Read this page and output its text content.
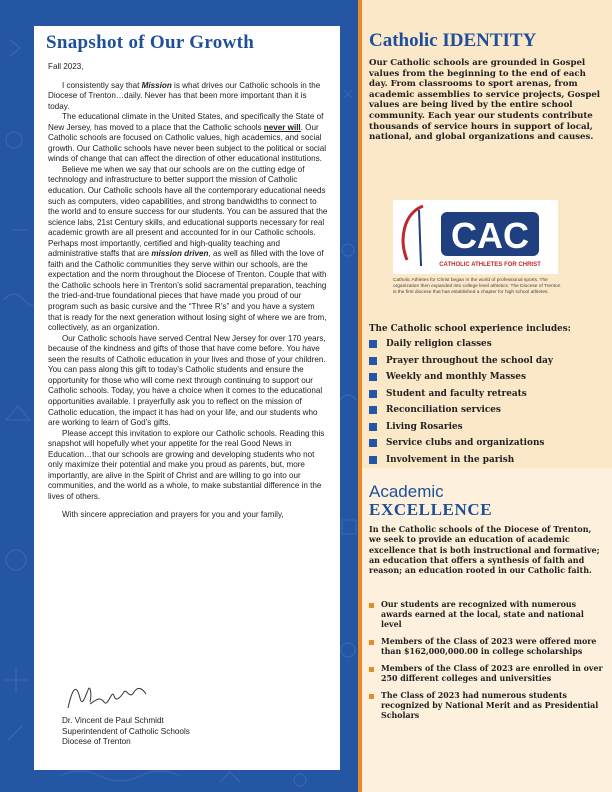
Snapshot of Our Growth

Fall 2023,

I consistently say that Mission is what drives our Catholic schools in the Diocese of Trenton…daily. Never has that been more important than it is today.

The educational climate in the United States, and specifically the State of New Jersey, has moved to a place that the Catholic schools never will. Our Catholic schools are focused on Catholic values, high academics, and social growth. Our Catholic schools have never been subject to the political or social winds of change that can affect the direction of other educational institutions.

Believe me when we say that our schools are on the cutting edge of technology and infrastructure to better support the mission of Catholic education. Our Catholic schools have all the contemporary educational needs such as computers, video capabilities, and strong bandwidths to connect to the world and to ensure success for our students. You can be assured that the science labs, 21st Century skills, and educational supports necessary for real academic growth are all present and accounted for in our Catholic schools. Perhaps most importantly, certified and high-quality teaching and administrative staffs that are mission driven, as well as filled with the love of faith and the Catholic communities they serve within our schools, are the expectation and the norm throughout the Diocese of Trenton. Couple that with the Catholic schools here in Trenton’s solid sacramental preparation, teaching the tried-and-true foundational pieces that have made you proud of our program such as basic cursive and the “Three R’s” and you have a system that is ready for the next generation without losing sight of where we are from, collectively, as an organization.

Our Catholic schools have served Central New Jersey for over 170 years, because of the kindness and gifts of those that have come before. You have seen the results of Catholic education in your lives and those of your children. You can pass along this gift to today’s Catholic students and ensure the opportunity for those who will come next through continuing to support our Catholic schools. Today, you have a choice when it comes to the educational opportunities available. I prayerfully ask you to reflect on the mission of Catholic education, the impact it has had on your life, and our students who are working to learn of God’s gifts.

Please accept this invitation to explore our Catholic schools. Reading this snapshot will hopefully whet your appetite for the real Good News in Education…that our schools are growing and developing students who not only maximize their potential and make you proud as parents, but, more importantly, are alive in the Spirit of Christ and are willing to go into our communities, and the world as a whole, to make substantial difference in the lives of others.

With sincere appreciation and prayers for you and your family,

Dr. Vincent de Paul Schmidt
Superintendent of Catholic Schools
Diocese of Trenton
Catholic IDENTITY
Our Catholic schools are grounded in Gospel values from the beginning to the end of each day. From classrooms to sport arenas, from academic assemblies to service projects, Gospel values are being lived by the entire school community. Each year our students contribute thousands of service hours in support of local, national, and global organizations and causes.
CAC
CATHOLIC ATHLETES FOR CHRIST
Catholic Athletes for Christ began in the world of professional sports. The organization then expanded into college level athletics. The Diocese of Trenton is the first diocese that has established a chapter for high school athletes.
The Catholic school experience includes:
Daily religion classes
Prayer throughout the school day
Weekly and monthly Masses
Student and faculty retreats
Reconciliation services
Living Rosaries
Service clubs and organizations
Involvement in the parish
Academic
EXCELLENCE
In the Catholic schools of the Diocese of Trenton, we seek to provide an education of academic excellence that is both instructional and formative; an education that offers a synthesis of faith and reason; an education rooted in our Catholic faith.
Our students are recognized with numerous awards earned at the local, state and national level
Members of the Class of 2023 were offered more than $162,000,000.00 in college scholarships
Members of the Class of 2023 are enrolled in over 250 different colleges and universities
The Class of 2023 had numerous students recognized by National Merit and as Presidential Scholars
